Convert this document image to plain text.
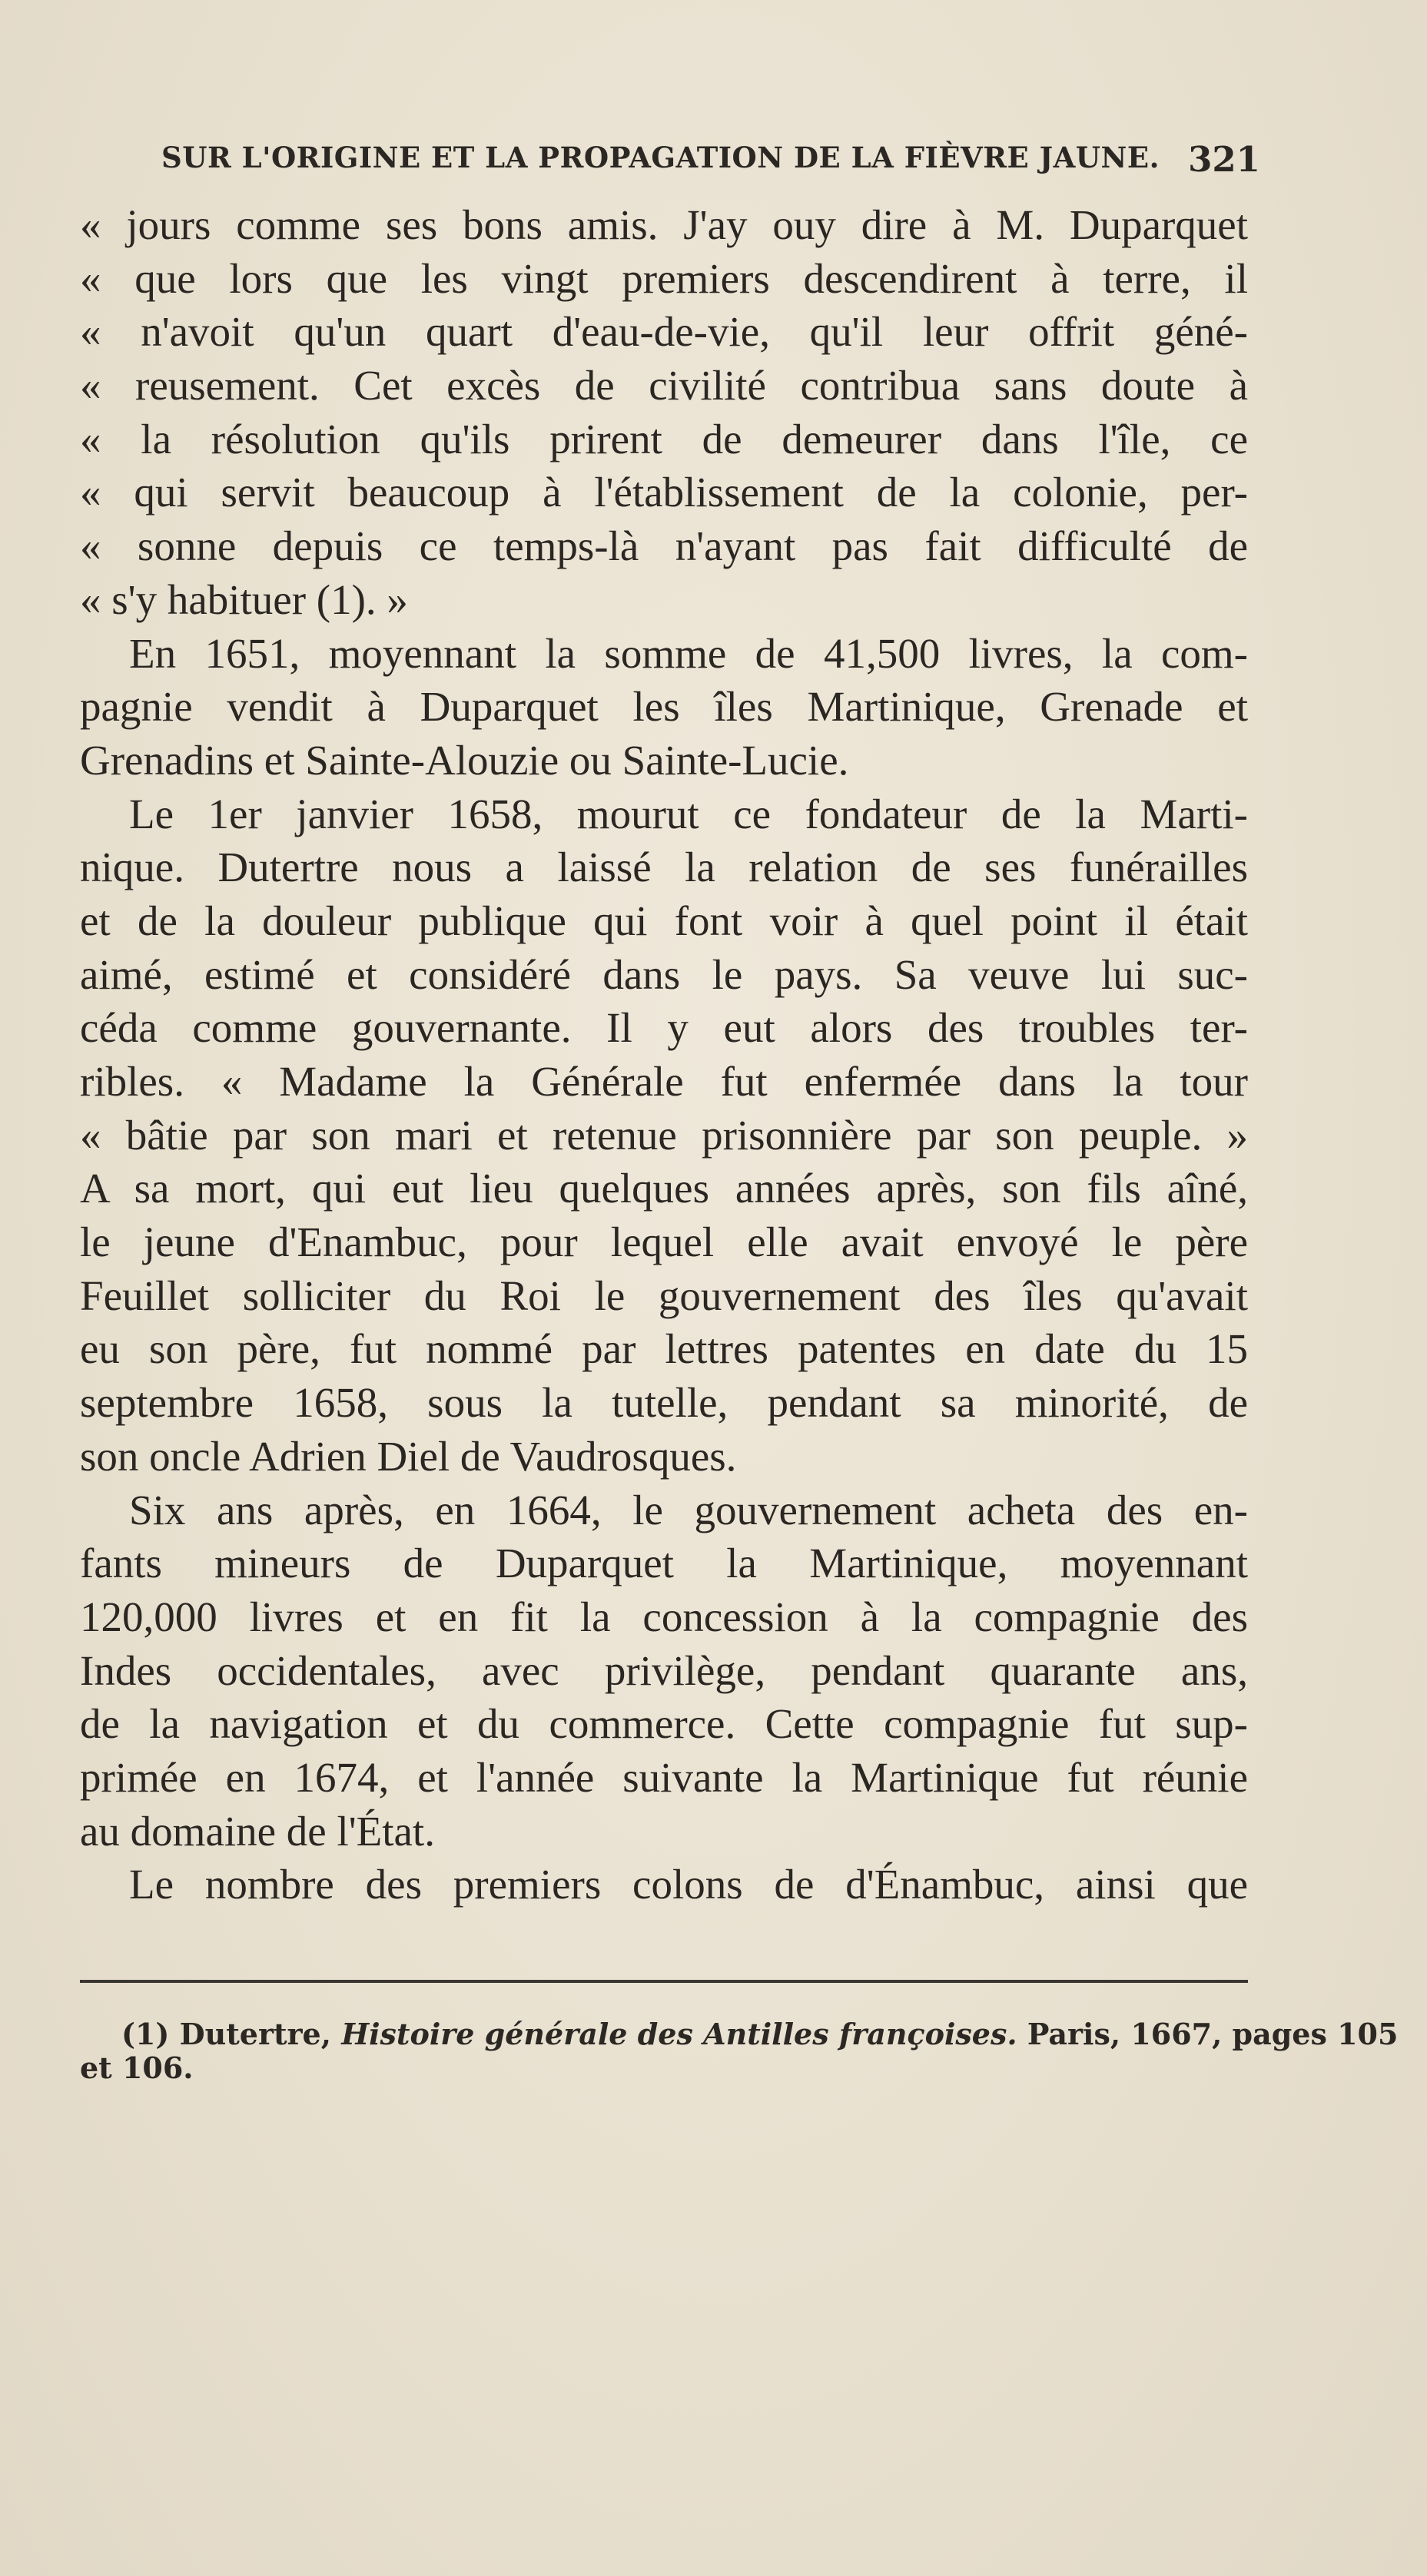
SUR L'ORIGINE ET LA PROPAGATION DE LA FIÈVRE JAUNE. 321
« jours comme ses bons amis. J'ay ouy dire à M. Duparquet
« que lors que les vingt premiers descendirent à terre, il
« n'avoit qu'un quart d'eau-de-vie, qu'il leur offrit géné-
« reusement. Cet excès de civilité contribua sans doute à
« la résolution qu'ils prirent de demeurer dans l'île, ce
« qui servit beaucoup à l'établissement de la colonie, per-
« sonne depuis ce temps-là n'ayant pas fait difficulté de
« s'y habituer (1). »
En 1651, moyennant la somme de 41,500 livres, la com-
pagnie vendit à Duparquet les îles Martinique, Grenade et
Grenadins et Sainte-Alouzie ou Sainte-Lucie.
Le 1er janvier 1658, mourut ce fondateur de la Marti-
nique. Dutertre nous a laissé la relation de ses funérailles
et de la douleur publique qui font voir à quel point il était
aimé, estimé et considéré dans le pays. Sa veuve lui suc-
céda comme gouvernante. Il y eut alors des troubles ter-
ribles. « Madame la Générale fut enfermée dans la tour
« bâtie par son mari et retenue prisonnière par son peuple. »
A sa mort, qui eut lieu quelques années après, son fils aîné,
le jeune d'Enambuc, pour lequel elle avait envoyé le père
Feuillet solliciter du Roi le gouvernement des îles qu'avait
eu son père, fut nommé par lettres patentes en date du 15
septembre 1658, sous la tutelle, pendant sa minorité, de
son oncle Adrien Diel de Vaudrosques.
Six ans après, en 1664, le gouvernement acheta des en-
fants mineurs de Duparquet la Martinique, moyennant
120,000 livres et en fit la concession à la compagnie des
Indes occidentales, avec privilège, pendant quarante ans,
de la navigation et du commerce. Cette compagnie fut sup-
primée en 1674, et l'année suivante la Martinique fut réunie
au domaine de l'État.
Le nombre des premiers colons de d'Énambuc, ainsi que
(1) Dutertre, Histoire générale des Antilles françoises. Paris, 1667, pages 105
et 106.
